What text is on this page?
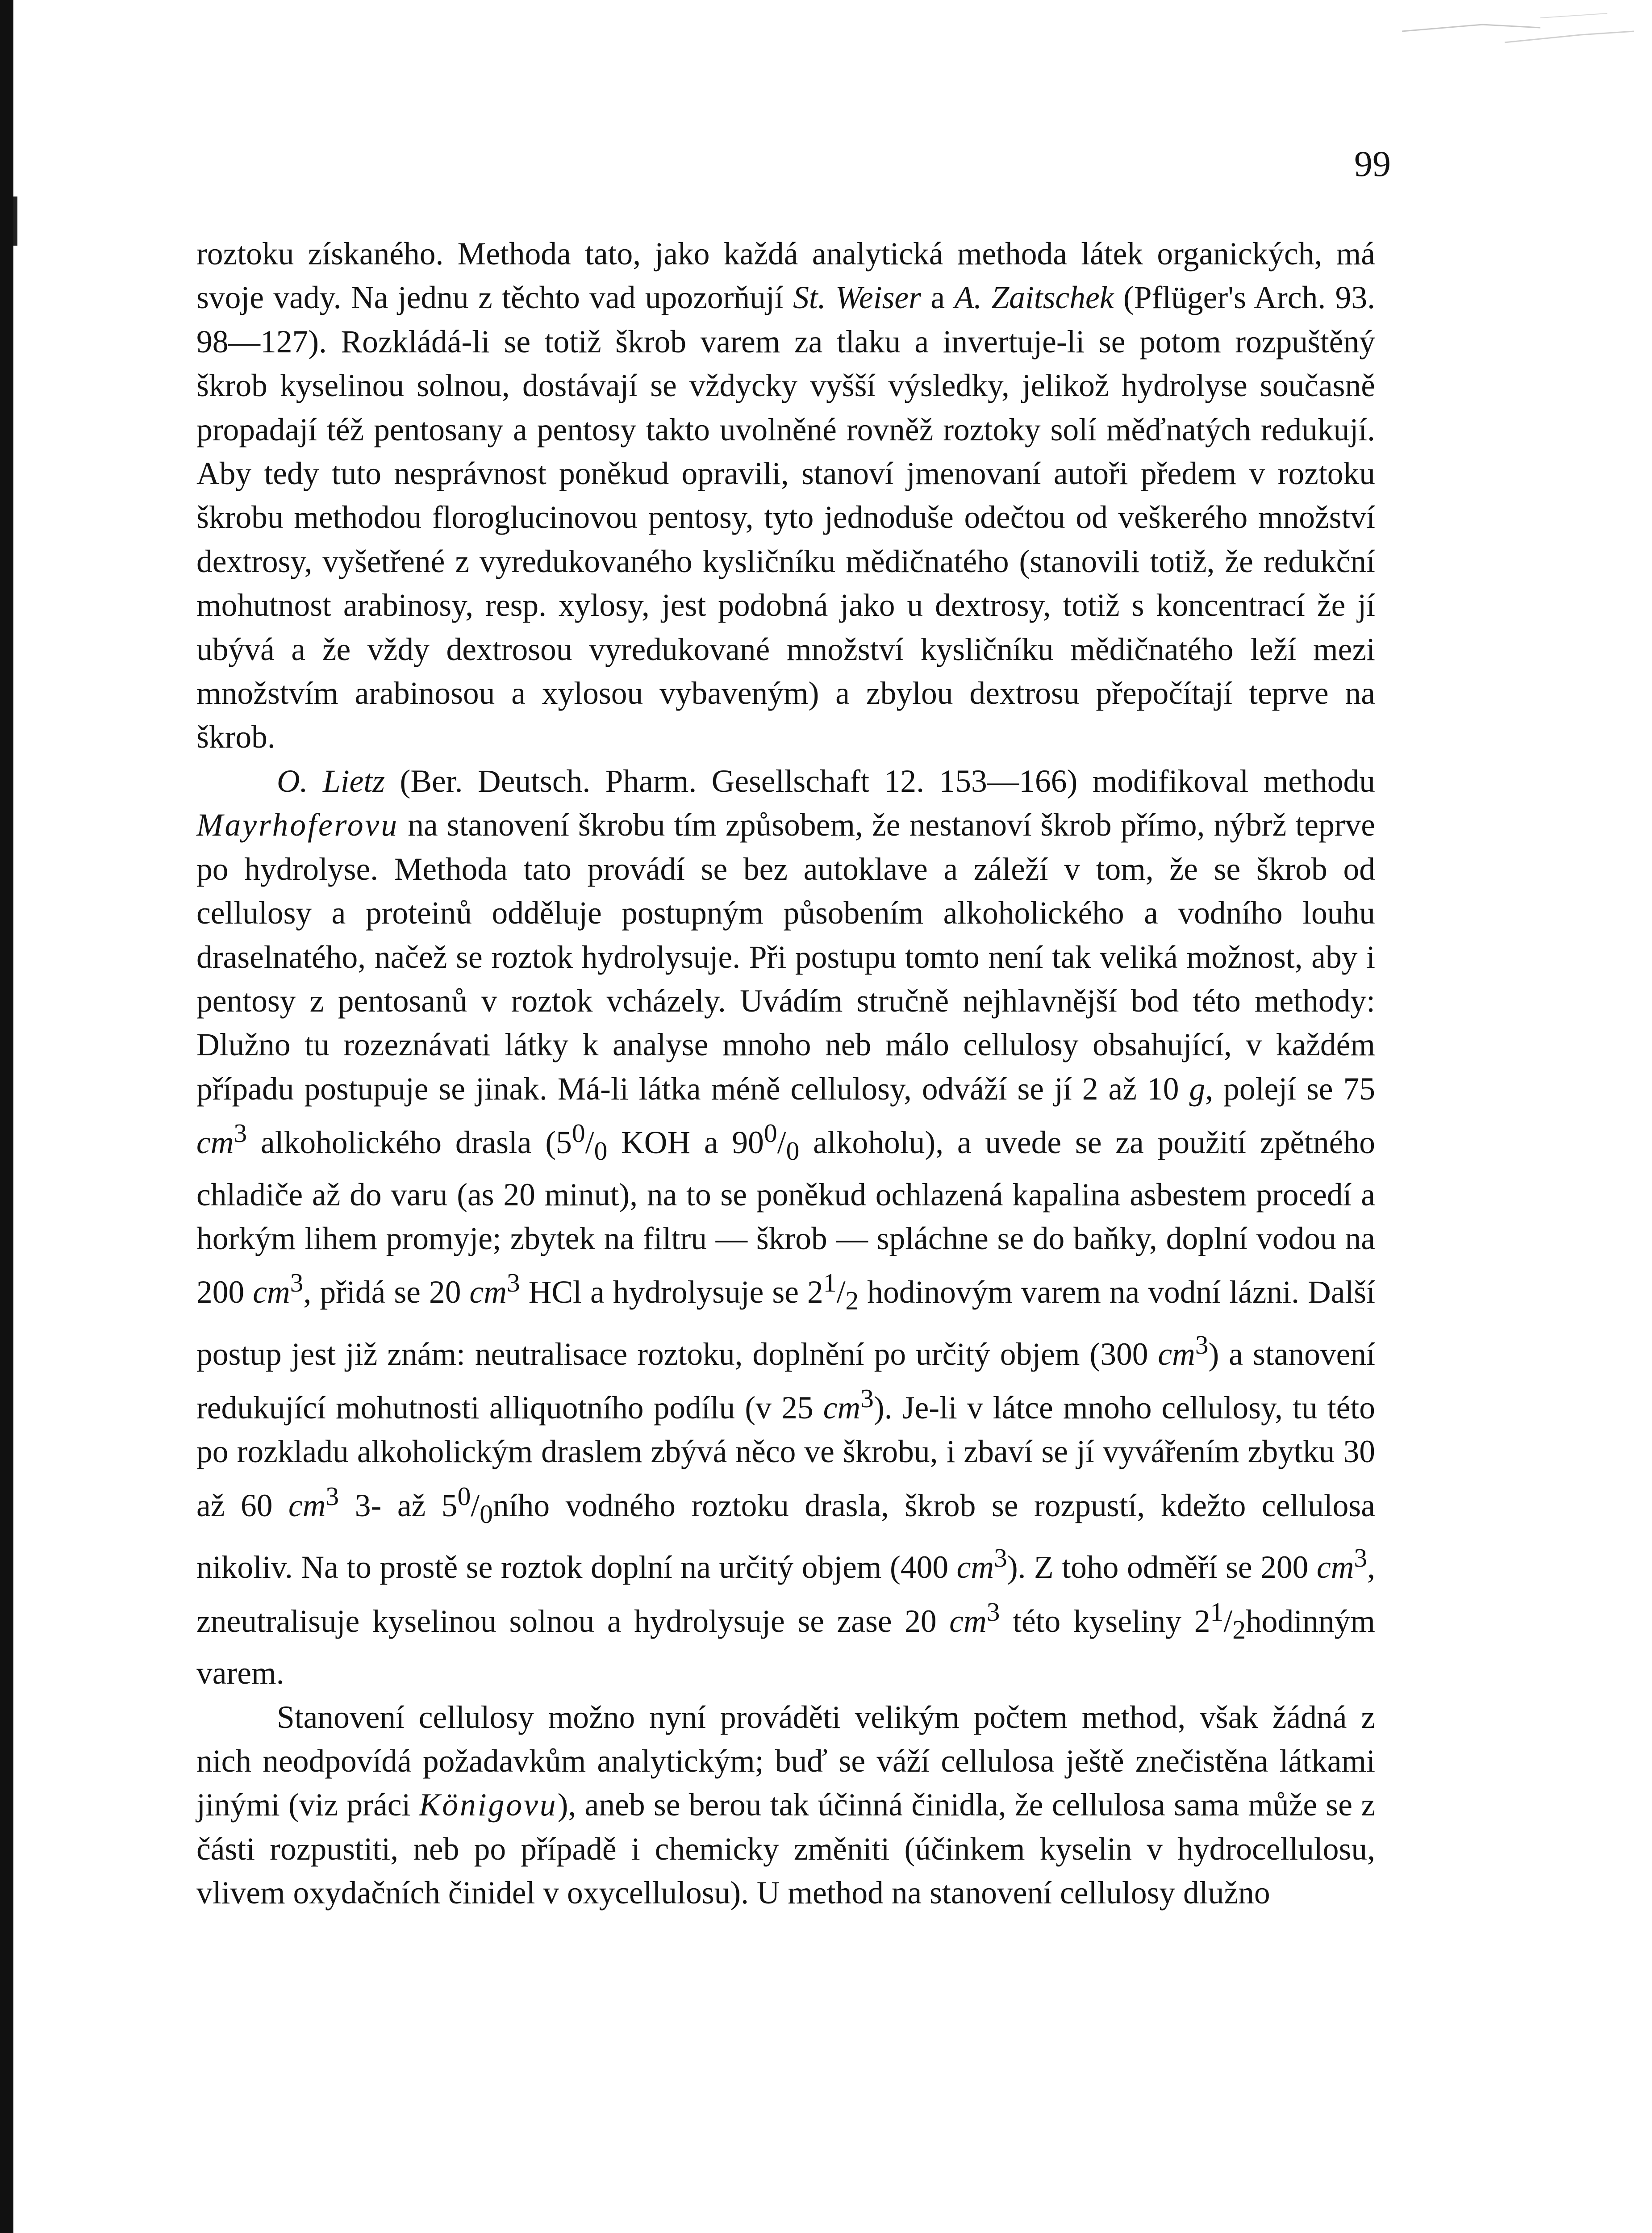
99

roztoku získaného. Methoda tato, jako každá analytická methoda látek organických, má svoje vady. Na jednu z těchto vad upozorňují St. Weiser a A. Zaitschek (Pflüger's Arch. 93. 98—127). Rozkládá-li se totiž škrob varem za tlaku a invertuje-li se potom rozpuštěný škrob kyselinou solnou, dostávají se vždycky vyšší výsledky, jelikož hydrolyse současně propadají též pentosany a pentosy takto uvolněné rovněž roztoky solí měďnatých redukují. Aby tedy tuto nesprávnost poněkud opravili, stanoví jmenovaní autoři předem v roztoku škrobu methodou floroglucinovou pentosy, tyto jednoduše odečtou od veškerého množství dextrosy, vyšetřené z vyredukovaného kysličníku mědičnatého (stanovili totiž, že redukční mohutnost arabinosy, resp. xylosy, jest podobná jako u dextrosy, totiž s koncentrací že jí ubývá a že vždy dextrosou vyredukované množství kysličníku mědičnatého leží mezi množstvím arabinosou a xylosou vybaveným) a zbylou dextrosu přepočítají teprve na škrob.

O. Lietz (Ber. Deutsch. Pharm. Gesellschaft 12. 153—166) modifikoval methodu Mayrhoferovu na stanovení škrobu tím způsobem, že nestanoví škrob přímo, nýbrž teprve po hydrolyse. Methoda tato provádí se bez autoklave a záleží v tom, že se škrob od cellulosy a proteinů odděluje postupným působením alkoholického a vodního louhu draselnatého, načež se roztok hydrolysuje. Při postupu tomto není tak veliká možnost, aby i pentosy z pentosanů v roztok vcházely. Uvádím stručně nejhlavnější bod této methody: Dlužno tu rozeznávati látky k analyse mnoho neb málo cellulosy obsahující, v každém případu postupuje se jinak. Má-li látka méně cellulosy, odváží se jí 2 až 10 g, polejí se 75 $cm^3$ alkoholického drasla ($5^0/_0$ KOH a $90^0/_0$ alkoholu), a uvede se za použití zpětného chladiče až do varu (as 20 minut), na to se poněkud ochlazená kapalina asbestem procedí a horkým lihem promyje; zbytek na filtru — škrob — spláchne se do baňky, doplní vodou na 200 $cm^3$, přidá se 20 $cm^3$ HCl a hydrolysuje se $2^1/_2$ hodinovým varem na vodní lázni. Další postup jest již znám: neutralisace roztoku, doplnění po určitý objem (300 $cm^3$) a stanovení redukující mohutnosti alliquotního podílu (v 25 $cm^3$). Je-li v látce mnoho cellulosy, tu této po rozkladu alkoholickým draslem zbývá něco ve škrobu, i zbaví se jí vyvářením zbytku 30 až 60 $cm^3$ 3- až $5^0/_0ního$ vodného roztoku drasla, škrob se rozpustí, kdežto cellulosa nikoliv. Na to prostě se roztok doplní na určitý objem (400 $cm^3$). Z toho odměří se 200 $cm^3$, zneutralisuje kyselinou solnou a hydrolysuje se zase 20 $cm^3$ této kyseliny $2^1/_2hodinným$ varem.

Stanovení cellulosy možno nyní prováděti velikým počtem method, však žádná z nich neodpovídá požadavkům analytickým; buď se váží cellulosa ještě znečistěna látkami jinými (viz práci Königovu), aneb se berou tak účinná činidla, že cellulosa sama může se z části rozpustiti, neb po případě i chemicky změniti (účinkem kyselin v hydrocellulosu, vlivem oxydačních činidel v oxycellulosu). U method na stanovení cellulosy dlužno
